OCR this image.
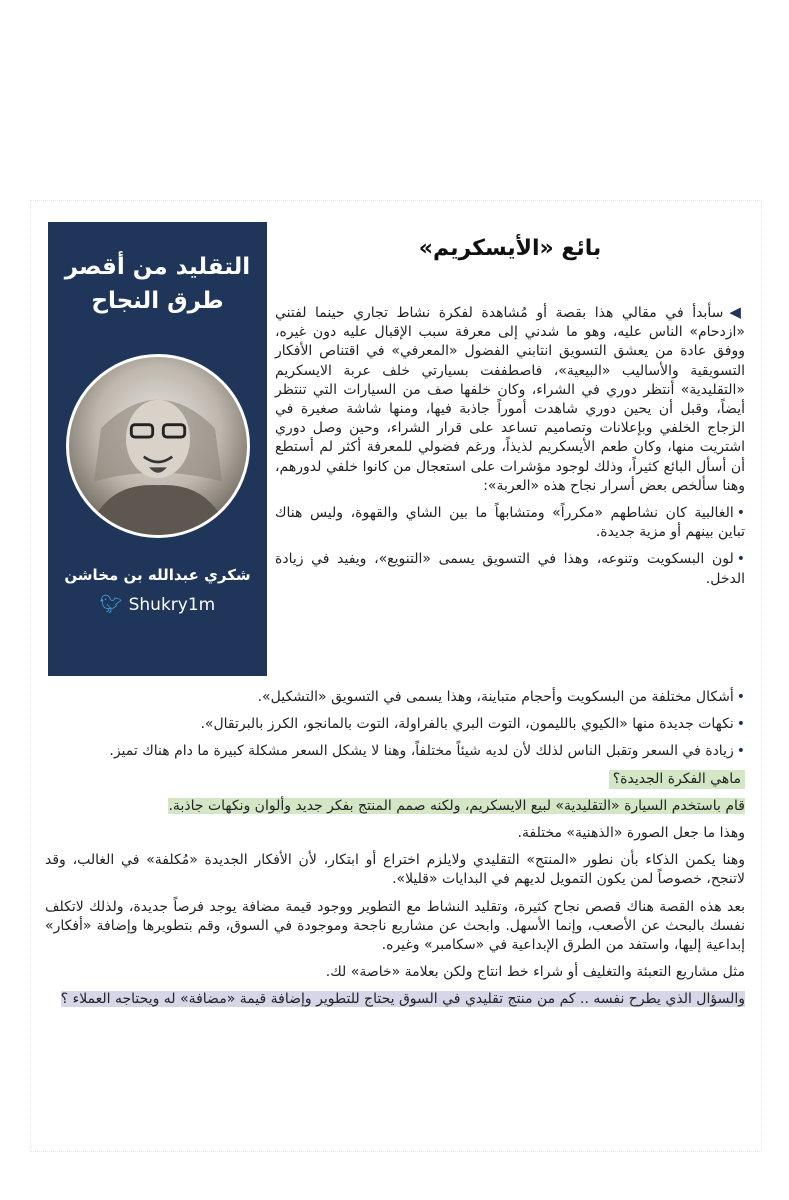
التقليد من أقصر طرق النجاح
شكري عبدالله بن مخاشن
🐦︎ Shukry1m
بائع «الأيسكريم»

◀سأبدأ في مقالي هذا بقصة أو مُشاهدة لفكرة نشاط تجاري حينما لفتني «ازدحام» الناس عليه، وهو ما شدني إلى معرفة سبب الإقبال عليه دون غيره، ووفق عادة من يعشق التسويق انتابني الفضول «المعرفي» في اقتناص الأفكار التسويقية والأساليب «البيعية»، فاصطففت بسيارتي خلف عربة الايسكريم «التقليدية» أنتظر دوري في الشراء، وكان خلفها صف من السيارات التي تنتظر أيضاً، وقبل أن يحين دوري شاهدت أموراً جاذبة فيها، ومنها شاشة صغيرة في الزجاج الخلفي وبإعلانات وتصاميم تساعد على قرار الشراء، وحين وصل دوري اشتريت منها، وكان طعم الأيسكريم لذيذاً، ورغم فضولي للمعرفة أكثر لم أستطع أن أسأل البائع كثيراً، وذلك لوجود مؤشرات على استعجال من كانوا خلفي لدورهم، وهنا سألخص بعض أسرار نجاح هذه «العربة»:

•الغالبية كان نشاطهم «مكرراً» ومتشابهاً ما بين الشاي والقهوة، وليس هناك تباين بينهم أو مزية جديدة.

•لون البسكويت وتنوعه، وهذا في التسويق يسمى «التنويع»، ويفيد في زيادة الدخل.

•أشكال مختلفة من البسكويت وأحجام متباينة، وهذا يسمى في التسويق «التشكيل».

•نكهات جديدة منها «الكيوي بالليمون، التوت البري بالفراولة، التوت بالمانجو، الكرز بالبرتقال».

•زيادة في السعر وتقبل الناس لذلك لأن لديه شيئاً مختلفاً، وهنا لا يشكل السعر مشكلة كبيرة ما دام هناك تميز.

ماهي الفكرة الجديدة؟

قام باستخدم السيارة «التقليدية» لبيع الايسكريم، ولكنه صمم المنتج بفكر جديد وألوان ونكهات جاذبة.

وهذا ما جعل الصورة «الذهنية» مختلفة.

وهنا يكمن الذكاء بأن نطور «المنتج» التقليدي ولايلزم اختراع أو ابتكار، لأن الأفكار الجديدة «مُكلفة» في الغالب، وقد لاتنجح، خصوصاً لمن يكون التمويل لديهم في البدايات «قليلا».

بعد هذه القصة هناك قصص نجاح كثيرة، وتقليد النشاط مع التطوير ووجود قيمة مضافة يوجد فرصاً جديدة، ولذلك لاتكلف نفسك بالبحث عن الأصعب، وإنما الأسهل. وابحث عن مشاريع ناجحة وموجودة في السوق، وقم بتطويرها وإضافة «أفكار» إبداعية إليها، واستفد من الطرق الإبداعية في «سكامبر» وغيره.

مثل مشاريع التعبئة والتغليف أو شراء خط انتاج ولكن بعلامة «خاصة» لك.

والسؤال الذي يطرح نفسه .. كم من منتج تقليدي في السوق يحتاج للتطوير وإضافة قيمة «مضافة» له ويحتاجه العملاء ؟
